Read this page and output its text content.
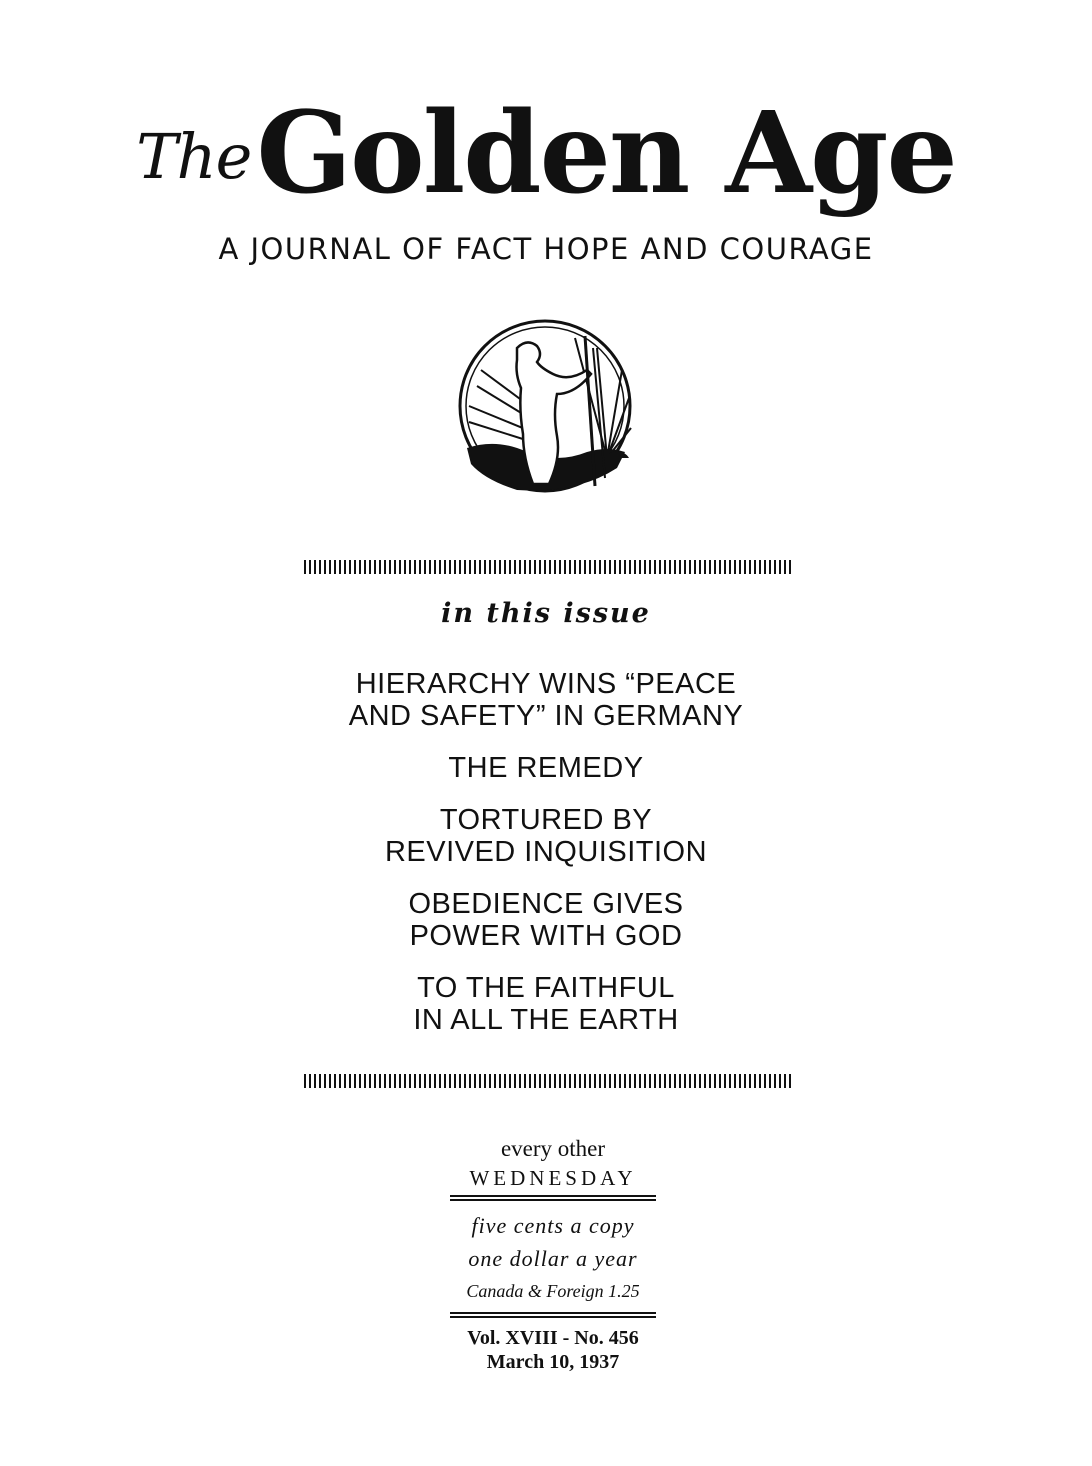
The Golden Age
A JOURNAL OF FACT HOPE AND COURAGE
in this issue
HIERARCHY WINS “PEACE
AND SAFETY” IN GERMANY
THE REMEDY
TORTURED BY
REVIVED INQUISITION
OBEDIENCE GIVES
POWER WITH GOD
TO THE FAITHFUL
IN ALL THE EARTH
every other
WEDNESDAY
five cents a copy
one dollar a year
Canada & Foreign 1.25
Vol. XVIII - No. 456
March 10, 1937
